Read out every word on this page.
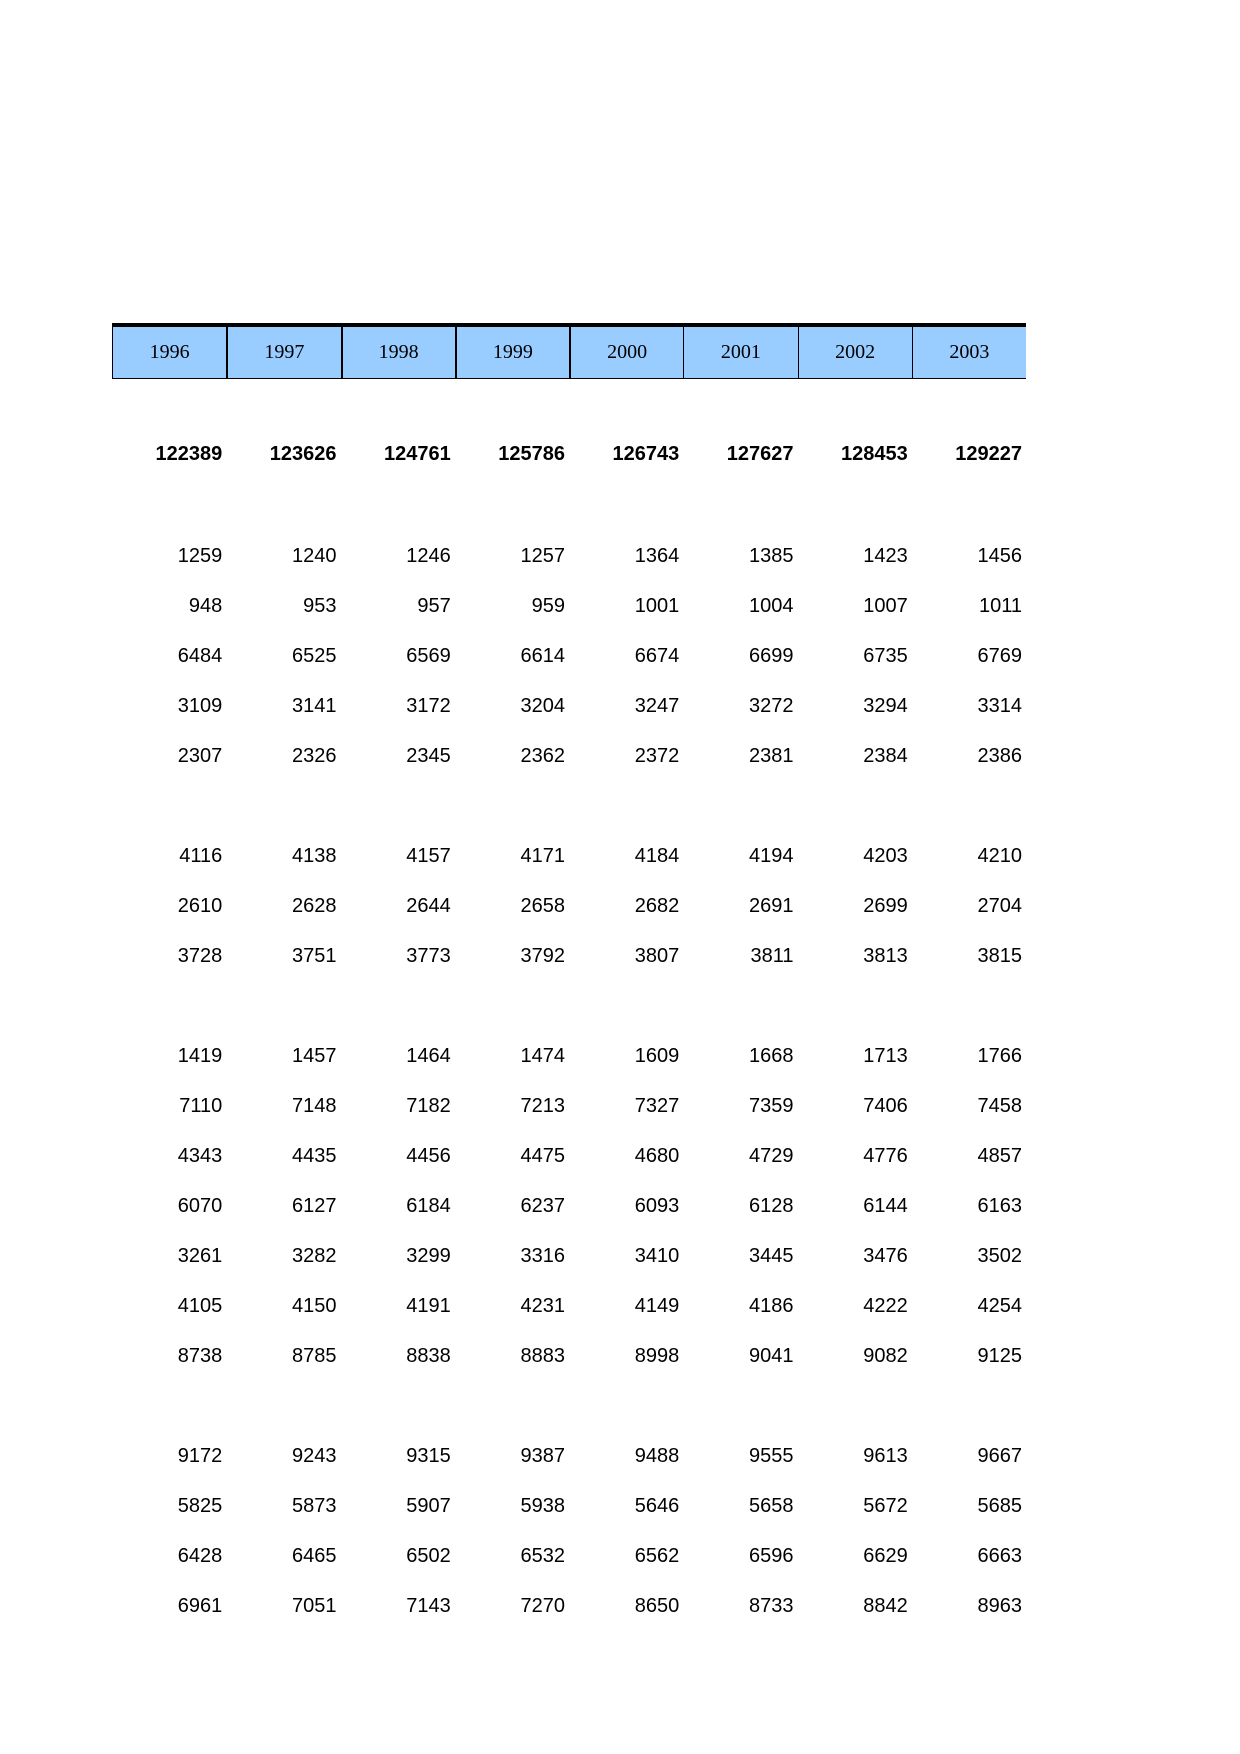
1996	1997	1998	1999	2000	2001	2002	2003
122389	123626	124761	125786	126743	127627	128453	129227
1259	1240	1246	1257	1364	1385	1423	1456
948	953	957	959	1001	1004	1007	1011
6484	6525	6569	6614	6674	6699	6735	6769
3109	3141	3172	3204	3247	3272	3294	3314
2307	2326	2345	2362	2372	2381	2384	2386
4116	4138	4157	4171	4184	4194	4203	4210
2610	2628	2644	2658	2682	2691	2699	2704
3728	3751	3773	3792	3807	3811	3813	3815
1419	1457	1464	1474	1609	1668	1713	1766
7110	7148	7182	7213	7327	7359	7406	7458
4343	4435	4456	4475	4680	4729	4776	4857
6070	6127	6184	6237	6093	6128	6144	6163
3261	3282	3299	3316	3410	3445	3476	3502
4105	4150	4191	4231	4149	4186	4222	4254
8738	8785	8838	8883	8998	9041	9082	9125
9172	9243	9315	9387	9488	9555	9613	9667
5825	5873	5907	5938	5646	5658	5672	5685
6428	6465	6502	6532	6562	6596	6629	6663
6961	7051	7143	7270	8650	8733	8842	8963
